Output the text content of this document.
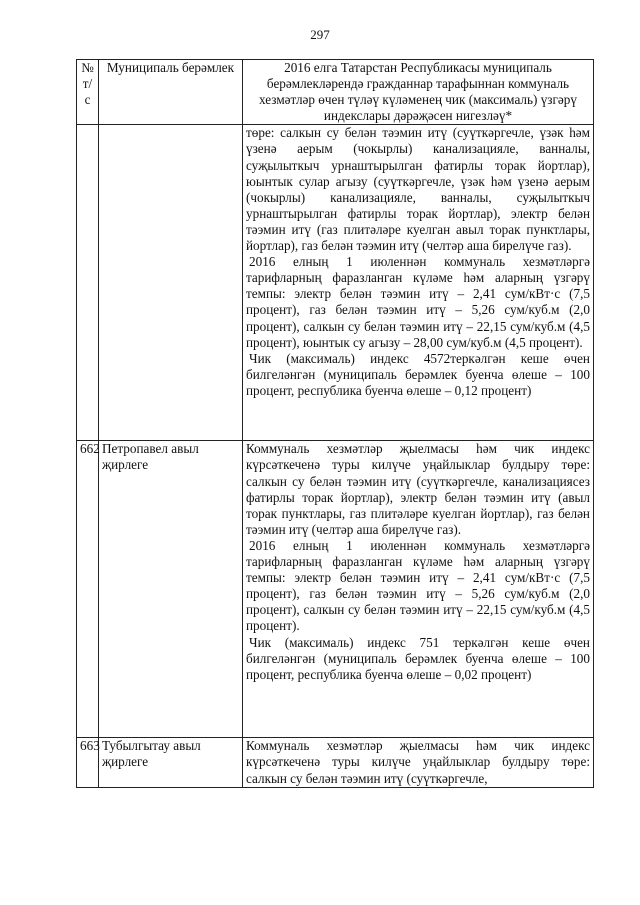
297
№ т/с	Муниципаль берәмлек	2016 елга Татарстан Республикасы муниципаль берәмлекләрендә гражданнар тарафыннан коммуналь хезмәтләр өчен түләү күләменең чик (максималь) үзгәрү индекслары дәрәҗәсен нигезләү*

		төре: салкын су белән тәэмин итү (суүткәргечле, үзәк һәм үзенә аерым (чокырлы) канализацияле, ванналы, суҗылыткыч урнаштырылган фатирлы торак йортлар), юынтык сулар агызу (суүткәргечле, үзәк һәм үзенә аерым (чокырлы) канализацияле, ванналы, суҗылыткыч урнаштырылган фатирлы торак йортлар), электр белән тәэмин итү (газ плитәләре куелган авыл торак пунктлары, йортлар), газ белән тәэмин итү (челтәр аша бирелүче газ).
2016 елның 1 июленнән коммуналь хезмәтләргә тарифларның фаразланган күләме һәм аларның үзгәрү темпы: электр белән тәэмин итү – 2,41 сум/кВт·с (7,5 процент), газ белән тәэмин итү – 5,26 сум/куб.м (2,0 процент), салкын су белән тәэмин итү – 22,15 сум/куб.м (4,5 процент), юынтык су агызу – 28,00 сум/куб.м (4,5 процент).
Чик (максималь) индекс 4572теркәлгән кеше өчен билгеләнгән (муниципаль берәмлек буенча өлеше – 100 процент, республика буенча өлеше – 0,12 процент)

662	Петропавел авыл җирлеге	Коммуналь хезмәтләр җыелмасы һәм чик индекс күрсәткеченә туры килүче уңайлыклар булдыру төре: салкын су белән тәэмин итү (суүткәргечле, канализациясез фатирлы торак йортлар), электр белән тәэмин итү (авыл торак пунктлары, газ плитәләре куелган йортлар), газ белән тәэмин итү (челтәр аша бирелүче газ).
2016 елның 1 июленнән коммуналь хезмәтләргә тарифларның фаразланган күләме һәм аларның үзгәрү темпы: электр белән тәэмин итү – 2,41 сум/кВт·с (7,5 процент), газ белән тәэмин итү – 5,26 сум/куб.м (2,0 процент), салкын су белән тәэмин итү – 22,15 сум/куб.м (4,5 процент).
Чик (максималь) индекс 751 теркәлгән кеше өчен билгеләнгән (муниципаль берәмлек буенча өлеше – 100 процент, республика буенча өлеше – 0,02 процент)

663	Тубылгытау авыл җирлеге	Коммуналь хезмәтләр җыелмасы һәм чик индекс күрсәткеченә туры килүче уңайлыклар булдыру төре: салкын су белән тәэмин итү (суүткәргечле,
